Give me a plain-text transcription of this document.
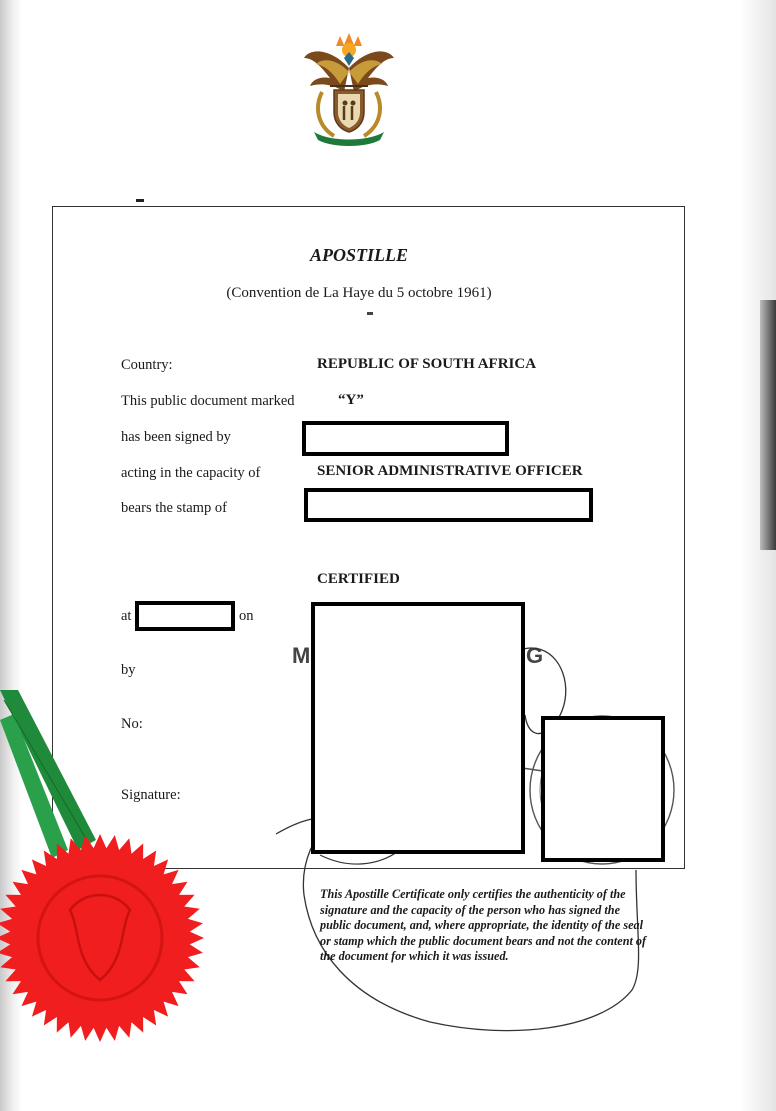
APOSTILLE
(Convention de La Haye du 5 octobre 1961)
Country:	REPUBLIC OF SOUTH AFRICA
This public document marked	“Y”
has been signed by
acting in the capacity of	SENIOR ADMINISTRATIVE OFFICER
bears the stamp of
CERTIFIED
at	on
by
No:
Signature:
M	G
This Apostille Certificate only certifies the authenticity of the signature and the capacity of the person who has signed the public document, and, where appropriate, the identity of the seal or stamp which the public document bears and not the content of the document for which it was issued.
